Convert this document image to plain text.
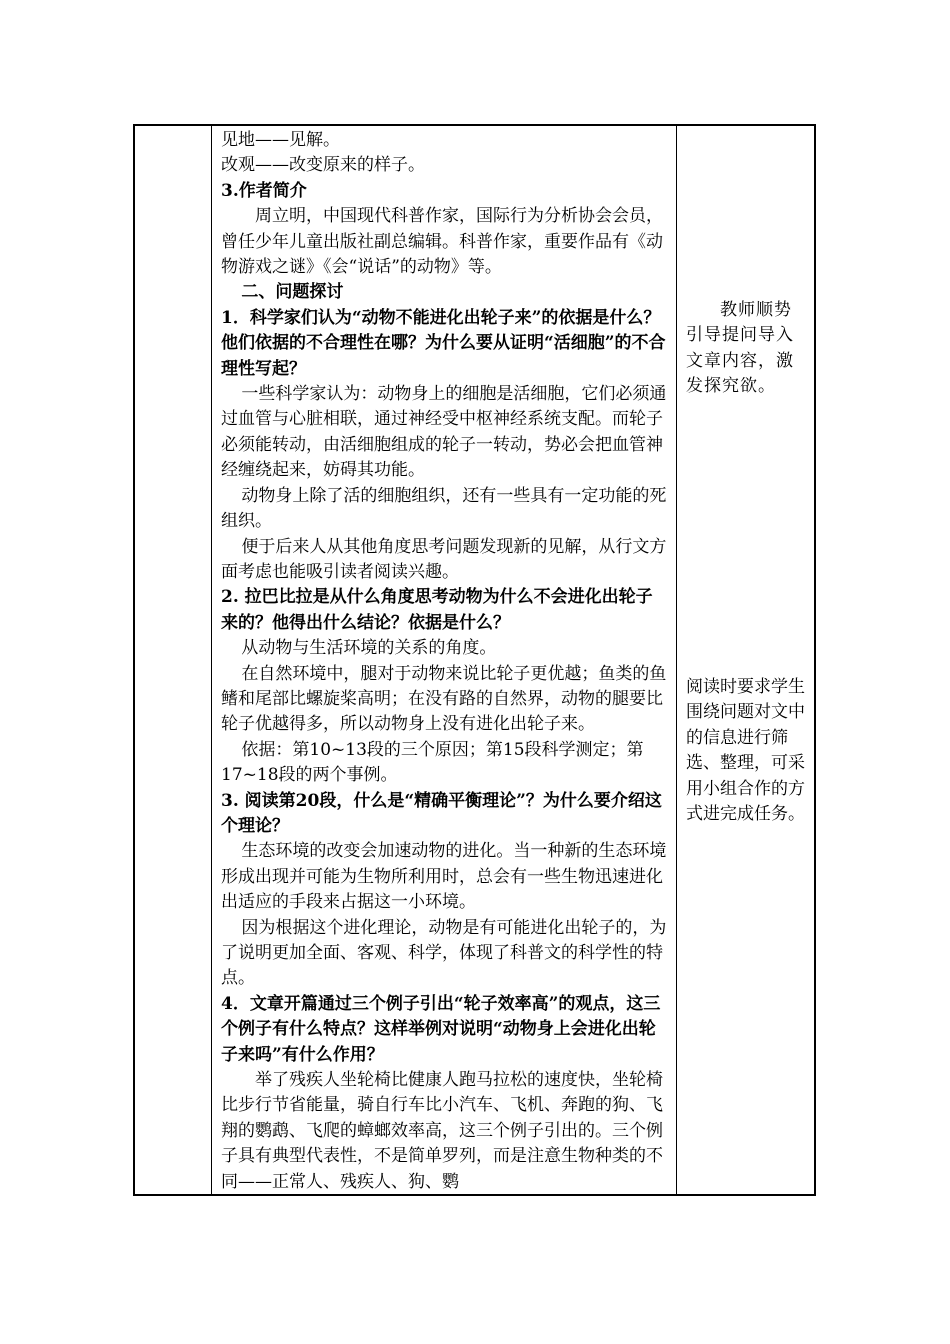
见地——见解。

改观——改变原来的样子。

3.作者简介

周立明，中国现代科普作家，国际行为分析协会会员，曾任少年儿童出版社副总编辑。科普作家，重要作品有《动物游戏之谜》《会“说话”的动物》等。

二、问题探讨

1．科学家们认为“动物不能进化出轮子来”的依据是什么？他们依据的不合理性在哪？为什么要从证明“活细胞”的不合理性写起？

一些科学家认为：动物身上的细胞是活细胞，它们必须通过血管与心脏相联，通过神经受中枢神经系统支配。而轮子必须能转动，由活细胞组成的轮子一转动，势必会把血管神经缠绕起来，妨碍其功能。

动物身上除了活的细胞组织，还有一些具有一定功能的死组织。

便于后来人从其他角度思考问题发现新的见解，从行文方面考虑也能吸引读者阅读兴趣。

2. 拉巴比拉是从什么角度思考动物为什么不会进化出轮子来的？他得出什么结论？依据是什么？

从动物与生活环境的关系的角度。

在自然环境中，腿对于动物来说比轮子更优越；鱼类的鱼鳍和尾部比螺旋桨高明；在没有路的自然界，动物的腿要比轮子优越得多，所以动物身上没有进化出轮子来。

依据：第10~13段的三个原因；第15段科学测定；第17~18段的两个事例。

3. 阅读第20段，什么是“精确平衡理论”？为什么要介绍这个理论？

生态环境的改变会加速动物的进化。当一种新的生态环境形成出现并可能为生物所利用时，总会有一些生物迅速进化出适应的手段来占据这一小环境。

因为根据这个进化理论，动物是有可能进化出轮子的，为了说明更加全面、客观、科学，体现了科普文的科学性的特点。

4．文章开篇通过三个例子引出“轮子效率高”的观点，这三个例子有什么特点？这样举例对说明“动物身上会进化出轮子来吗”有什么作用？

举了残疾人坐轮椅比健康人跑马拉松的速度快，坐轮椅比步行节省能量，骑自行车比小汽车、飞机、奔跑的狗、飞翔的鹦鹉、飞爬的蟑螂效率高，这三个例子引出的。三个例子具有典型代表性，不是简单罗列，而是注意生物种类的不同——正常人、残疾人、狗、鹦

教师顺势引导提问导入文章内容，激发探究欲。

阅读时要求学生围绕问题对文中的信息进行筛选、整理，可采用小组合作的方式进完成任务。
